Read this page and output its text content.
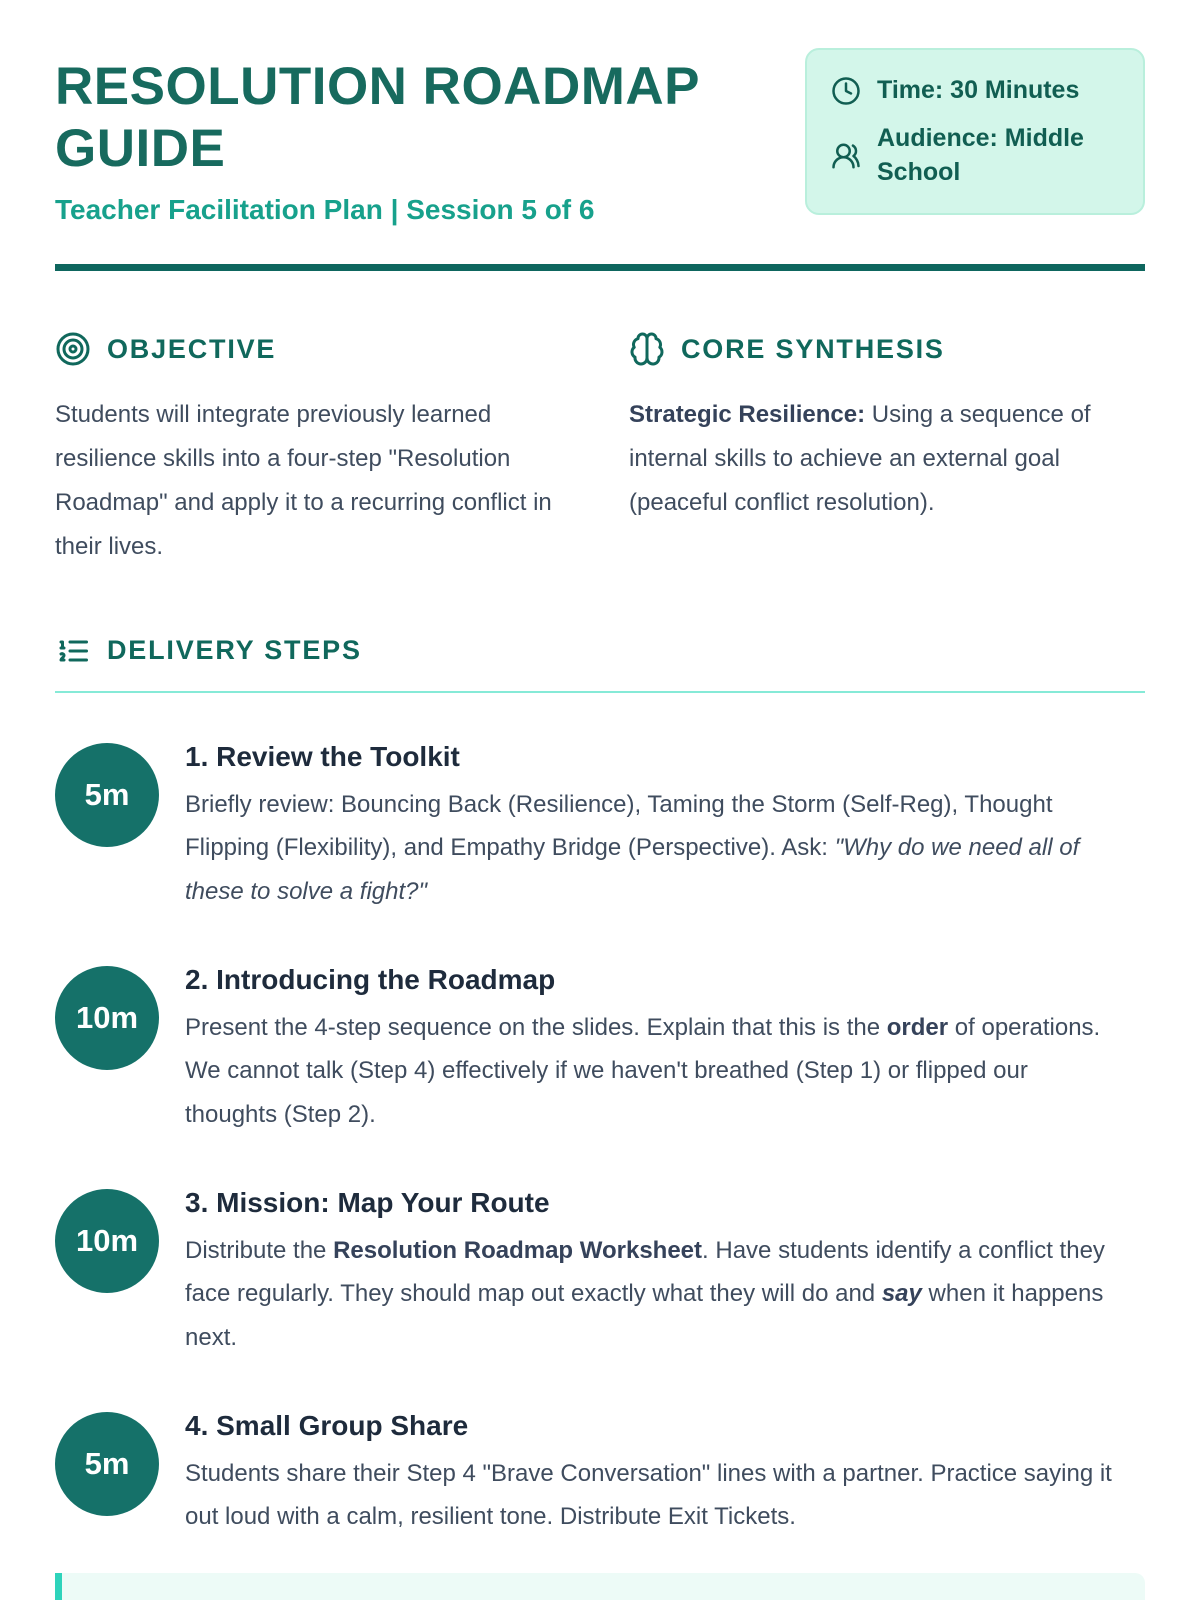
RESOLUTION ROADMAP GUIDE
Teacher Facilitation Plan | Session 5 of 6
Time: 30 Minutes
Audience: Middle School
OBJECTIVE

Students will integrate previously learned resilience skills into a four-step "Resolution Roadmap" and apply it to a recurring conflict in their lives.

CORE SYNTHESIS

Strategic Resilience: Using a sequence of internal skills to achieve an external goal (peaceful conflict resolution).

DELIVERY STEPS
5m
1. Review the Toolkit
Briefly review: Bouncing Back (Resilience), Taming the Storm (Self-Reg), Thought Flipping (Flexibility), and Empathy Bridge (Perspective). Ask: "Why do we need all of these to solve a fight?"
10m
2. Introducing the Roadmap
Present the 4-step sequence on the slides. Explain that this is the order of operations. We cannot talk (Step 4) effectively if we haven't breathed (Step 1) or flipped our thoughts (Step 2).
10m
3. Mission: Map Your Route
Distribute the Resolution Roadmap Worksheet. Have students identify a conflict they face regularly. They should map out exactly what they will do and say when it happens next.
5m
4. Small Group Share
Students share their Step 4 "Brave Conversation" lines with a partner. Practice saying it out loud with a calm, resilient tone. Distribute Exit Tickets.
